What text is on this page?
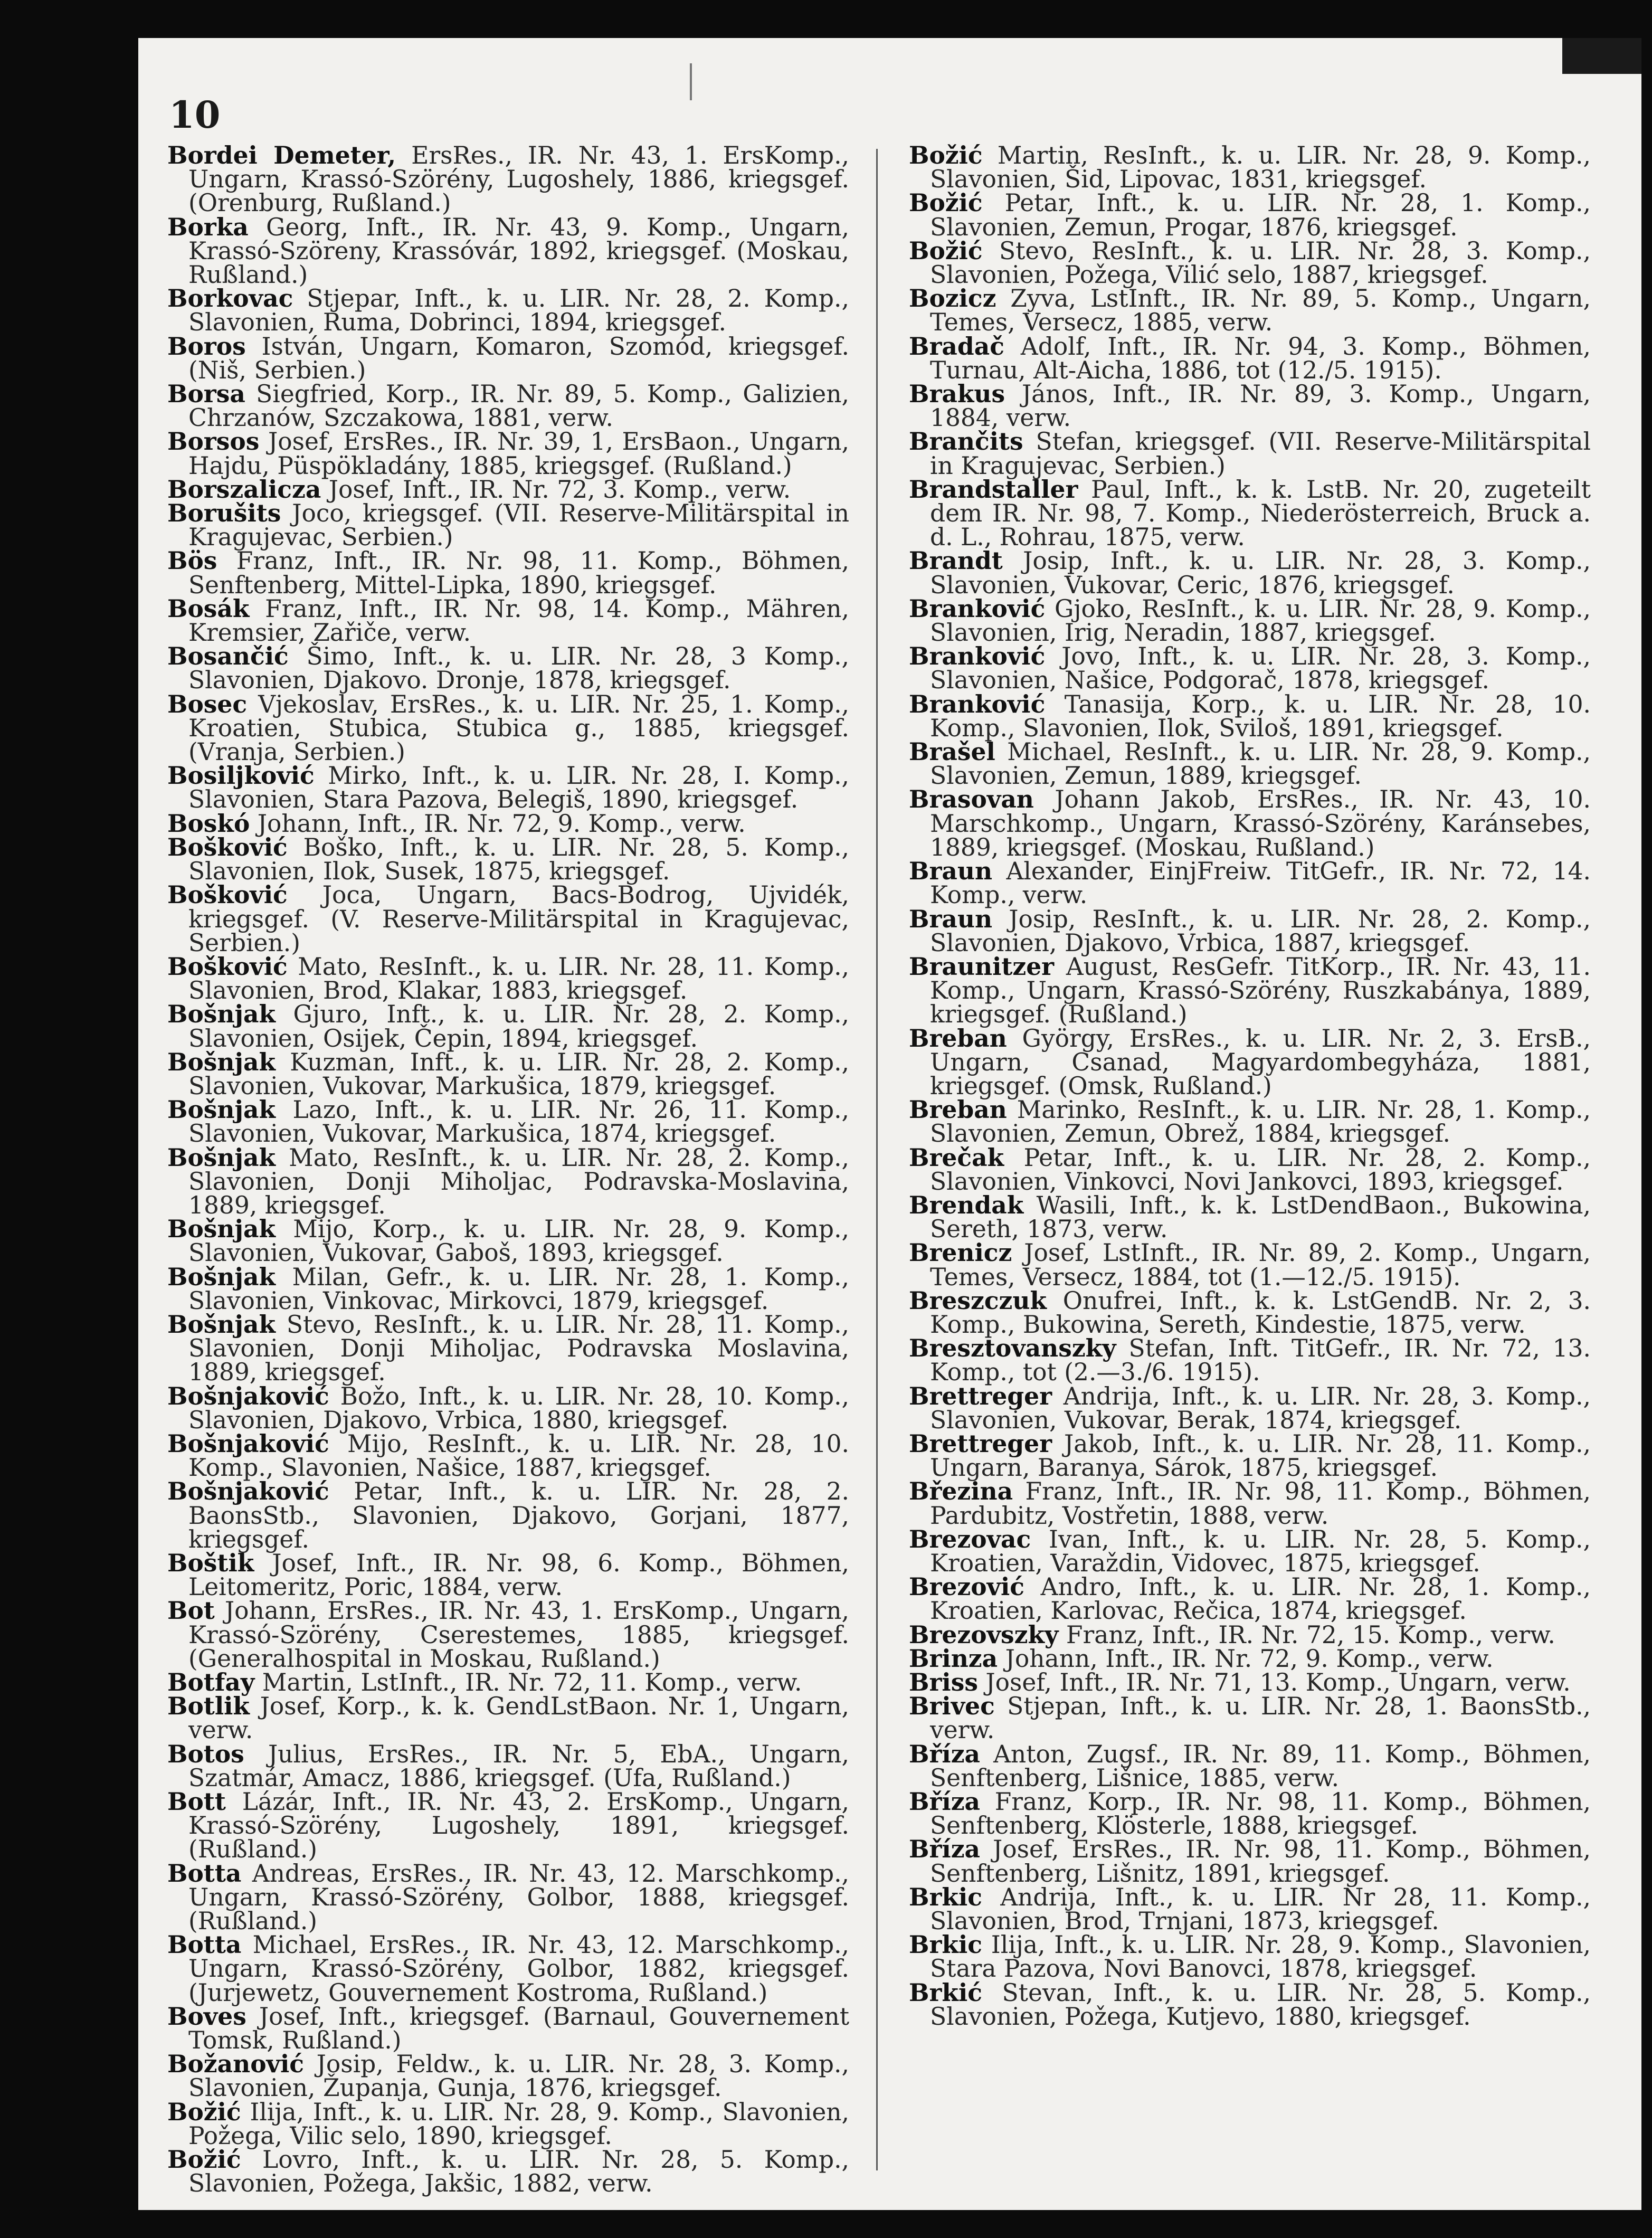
10
Bordei Demeter, ErsRes., IR. Nr. 43, 1. ErsKomp., Ungarn, Krassó-Szörény, Lugoshely, 1886, kriegsgef. (Orenburg, Rußland.)
Borka Georg, Inft., IR. Nr. 43, 9. Komp., Ungarn, Krassó-Szöreny, Krassóvár, 1892, kriegsgef. (Moskau, Rußland.)
Borkovac Stjepar, Inft., k. u. LIR. Nr. 28, 2. Komp., Slavonien, Ruma, Dobrinci, 1894, kriegsgef.
Boros István, Ungarn, Komaron, Szomód, kriegsgef. (Niš, Serbien.)
Borsa Siegfried, Korp., IR. Nr. 89, 5. Komp., Galizien, Chrzanów, Szczakowa, 1881, verw.
Borsos Josef, ErsRes., IR. Nr. 39, 1, ErsBaon., Ungarn, Hajdu, Püspökladány, 1885, kriegsgef. (Rußland.)
Borszalicza Josef, Inft., IR. Nr. 72, 3. Komp., verw.
Borušits Joco, kriegsgef. (VII. Reserve-Militärspital in Kragujevac, Serbien.)
Bös Franz, Inft., IR. Nr. 98, 11. Komp., Böhmen, Senftenberg, Mittel-Lipka, 1890, kriegsgef.
Bosák Franz, Inft., IR. Nr. 98, 14. Komp., Mähren, Kremsier, Zařiče, verw.
Bosančić Šimo, Inft., k. u. LIR. Nr. 28, 3 Komp., Slavonien, Djakovo. Dronje, 1878, kriegsgef.
Bosec Vjekoslav, ErsRes., k. u. LIR. Nr. 25, 1. Komp., Kroatien, Stubica, Stubica g., 1885, kriegsgef. (Vranja, Serbien.)
Bosiljković Mirko, Inft., k. u. LIR. Nr. 28, I. Komp., Slavonien, Stara Pazova, Belegiš, 1890, kriegsgef.
Boskó Johann, Inft., IR. Nr. 72, 9. Komp., verw.
Bošković Boško, Inft., k. u. LIR. Nr. 28, 5. Komp., Slavonien, Ilok, Susek, 1875, kriegsgef.
Bošković Joca, Ungarn, Bacs-Bodrog, Ujvidék, kriegsgef. (V. Reserve-Militärspital in Kragujevac, Serbien.)
Bošković Mato, ResInft., k. u. LIR. Nr. 28, 11. Komp., Slavonien, Brod, Klakar, 1883, kriegsgef.
Bošnjak Gjuro, Inft., k. u. LIR. Nr. 28, 2. Komp., Slavonien, Osijek, Čepin, 1894, kriegsgef.
Bošnjak Kuzman, Inft., k. u. LIR. Nr. 28, 2. Komp., Slavonien, Vukovar, Markušica, 1879, kriegsgef.
Bošnjak Lazo, Inft., k. u. LIR. Nr. 26, 11. Komp., Slavonien, Vukovar, Markušica, 1874, kriegsgef.
Bošnjak Mato, ResInft., k. u. LIR. Nr. 28, 2. Komp., Slavonien, Donji Miholjac, Podravska-Moslavina, 1889, kriegsgef.
Bošnjak Mijo, Korp., k. u. LIR. Nr. 28, 9. Komp., Slavonien, Vukovar, Gaboš, 1893, kriegsgef.
Bošnjak Milan, Gefr., k. u. LIR. Nr. 28, 1. Komp., Slavonien, Vinkovac, Mirkovci, 1879, kriegsgef.
Bošnjak Stevo, ResInft., k. u. LIR. Nr. 28, 11. Komp., Slavonien, Donji Miholjac, Podravska Moslavina, 1889, kriegsgef.
Bošnjaković Božo, Inft., k. u. LIR. Nr. 28, 10. Komp., Slavonien, Djakovo, Vrbica, 1880, kriegsgef.
Bošnjaković Mijo, ResInft., k. u. LIR. Nr. 28, 10. Komp., Slavonien, Našice, 1887, kriegsgef.
Bošnjaković Petar, Inft., k. u. LIR. Nr. 28, 2. BaonsStb., Slavonien, Djakovo, Gorjani, 1877, kriegsgef.
Boštik Josef, Inft., IR. Nr. 98, 6. Komp., Böhmen, Leitomeritz, Poric, 1884, verw.
Bot Johann, ErsRes., IR. Nr. 43, 1. ErsKomp., Ungarn, Krassó-Szörény, Cserestemes, 1885, kriegsgef. (Generalhospital in Moskau, Rußland.)
Botfay Martin, LstInft., IR. Nr. 72, 11. Komp., verw.
Botlik Josef, Korp., k. k. GendLstBaon. Nr. 1, Ungarn, verw.
Botos Julius, ErsRes., IR. Nr. 5, EbA., Ungarn, Szatmár, Amacz, 1886, kriegsgef. (Ufa, Rußland.)
Bott Lázár, Inft., IR. Nr. 43, 2. ErsKomp., Ungarn, Krassó-Szörény, Lugoshely, 1891, kriegsgef. (Rußland.)
Botta Andreas, ErsRes., IR. Nr. 43, 12. Marschkomp., Ungarn, Krassó-Szörény, Golbor, 1888, kriegsgef. (Rußland.)
Botta Michael, ErsRes., IR. Nr. 43, 12. Marschkomp., Ungarn, Krassó-Szörény, Golbor, 1882, kriegsgef. (Jurjewetz, Gouvernement Kostroma, Rußland.)
Boves Josef, Inft., kriegsgef. (Barnaul, Gouvernement Tomsk, Rußland.)
Božanović Josip, Feldw., k. u. LIR. Nr. 28, 3. Komp., Slavonien, Županja, Gunja, 1876, kriegsgef.
Božić Ilija, Inft., k. u. LIR. Nr. 28, 9. Komp., Slavonien, Požega, Vilic selo, 1890, kriegsgef.
Božić Lovro, Inft., k. u. LIR. Nr. 28, 5. Komp., Slavonien, Požega, Jakšic, 1882, verw.
Božić Martin, ResInft., k. u. LIR. Nr. 28, 9. Komp., Slavonien, Šid, Lipovac, 1831, kriegsgef.
Božić Petar, Inft., k. u. LIR. Nr. 28, 1. Komp., Slavonien, Zemun, Progar, 1876, kriegsgef.
Božić Stevo, ResInft., k. u. LIR. Nr. 28, 3. Komp., Slavonien, Požega, Vilić selo, 1887, kriegsgef.
Bozicz Zyva, LstInft., IR. Nr. 89, 5. Komp., Ungarn, Temes, Versecz, 1885, verw.
Bradač Adolf, Inft., IR. Nr. 94, 3. Komp., Böhmen, Turnau, Alt-Aicha, 1886, tot (12./5. 1915).
Brakus János, Inft., IR. Nr. 89, 3. Komp., Ungarn, 1884, verw.
Brančits Stefan, kriegsgef. (VII. Reserve-Militärspital in Kragujevac, Serbien.)
Brandstaller Paul, Inft., k. k. LstB. Nr. 20, zugeteilt dem IR. Nr. 98, 7. Komp., Niederösterreich, Bruck a. d. L., Rohrau, 1875, verw.
Brandt Josip, Inft., k. u. LIR. Nr. 28, 3. Komp., Slavonien, Vukovar, Ceric, 1876, kriegsgef.
Branković Gjoko, ResInft., k. u. LIR. Nr. 28, 9. Komp., Slavonien, Irig, Neradin, 1887, kriegsgef.
Branković Jovo, Inft., k. u. LIR. Nr. 28, 3. Komp., Slavonien, Našice, Podgorač, 1878, kriegsgef.
Branković Tanasija, Korp., k. u. LIR. Nr. 28, 10. Komp., Slavonien, Ilok, Sviloš, 1891, kriegsgef.
Brašel Michael, ResInft., k. u. LIR. Nr. 28, 9. Komp., Slavonien, Zemun, 1889, kriegsgef.
Brasovan Johann Jakob, ErsRes., IR. Nr. 43, 10. Marschkomp., Ungarn, Krassó-Szörény, Karánsebes, 1889, kriegsgef. (Moskau, Rußland.)
Braun Alexander, EinjFreiw. TitGefr., IR. Nr. 72, 14. Komp., verw.
Braun Josip, ResInft., k. u. LIR. Nr. 28, 2. Komp., Slavonien, Djakovo, Vrbica, 1887, kriegsgef.
Braunitzer August, ResGefr. TitKorp., IR. Nr. 43, 11. Komp., Ungarn, Krassó-Szörény, Ruszkabánya, 1889, kriegsgef. (Rußland.)
Breban György, ErsRes., k. u. LIR. Nr. 2, 3. ErsB., Ungarn, Csanad, Magyardombegyháza, 1881, kriegsgef. (Omsk, Rußland.)
Breban Marinko, ResInft., k. u. LIR. Nr. 28, 1. Komp., Slavonien, Zemun, Obrež, 1884, kriegsgef.
Brečak Petar, Inft., k. u. LIR. Nr. 28, 2. Komp., Slavonien, Vinkovci, Novi Jankovci, 1893, kriegsgef.
Brendak Wasili, Inft., k. k. LstDendBaon., Bukowina, Sereth, 1873, verw.
Brenicz Josef, LstInft., IR. Nr. 89, 2. Komp., Ungarn, Temes, Versecz, 1884, tot (1.—12./5. 1915).
Breszczuk Onufrei, Inft., k. k. LstGendB. Nr. 2, 3. Komp., Bukowina, Sereth, Kindestie, 1875, verw.
Bresztovanszky Stefan, Inft. TitGefr., IR. Nr. 72, 13. Komp., tot (2.—3./6. 1915).
Brettreger Andrija, Inft., k. u. LIR. Nr. 28, 3. Komp., Slavonien, Vukovar, Berak, 1874, kriegsgef.
Brettreger Jakob, Inft., k. u. LIR. Nr. 28, 11. Komp., Ungarn, Baranya, Sárok, 1875, kriegsgef.
Březina Franz, Inft., IR. Nr. 98, 11. Komp., Böhmen, Pardubitz, Vostřetin, 1888, verw.
Brezovac Ivan, Inft., k. u. LIR. Nr. 28, 5. Komp., Kroatien, Varaždin, Vidovec, 1875, kriegsgef.
Brezović Andro, Inft., k. u. LIR. Nr. 28, 1. Komp., Kroatien, Karlovac, Rečica, 1874, kriegsgef.
Brezovszky Franz, Inft., IR. Nr. 72, 15. Komp., verw.
Brinza Johann, Inft., IR. Nr. 72, 9. Komp., verw.
Briss Josef, Inft., IR. Nr. 71, 13. Komp., Ungarn, verw.
Brivec Stjepan, Inft., k. u. LIR. Nr. 28, 1. BaonsStb., verw.
Bříza Anton, Zugsf., IR. Nr. 89, 11. Komp., Böhmen, Senftenberg, Lišnice, 1885, verw.
Bříza Franz, Korp., IR. Nr. 98, 11. Komp., Böhmen, Senftenberg, Klösterle, 1888, kriegsgef.
Bříza Josef, ErsRes., IR. Nr. 98, 11. Komp., Böhmen, Senftenberg, Lišnitz, 1891, kriegsgef.
Brkic Andrija, Inft., k. u. LIR. Nr 28, 11. Komp., Slavonien, Brod, Trnjani, 1873, kriegsgef.
Brkic Ilija, Inft., k. u. LIR. Nr. 28, 9. Komp., Slavonien, Stara Pazova, Novi Banovci, 1878, kriegsgef.
Brkić Stevan, Inft., k. u. LIR. Nr. 28, 5. Komp., Slavonien, Požega, Kutjevo, 1880, kriegsgef.
